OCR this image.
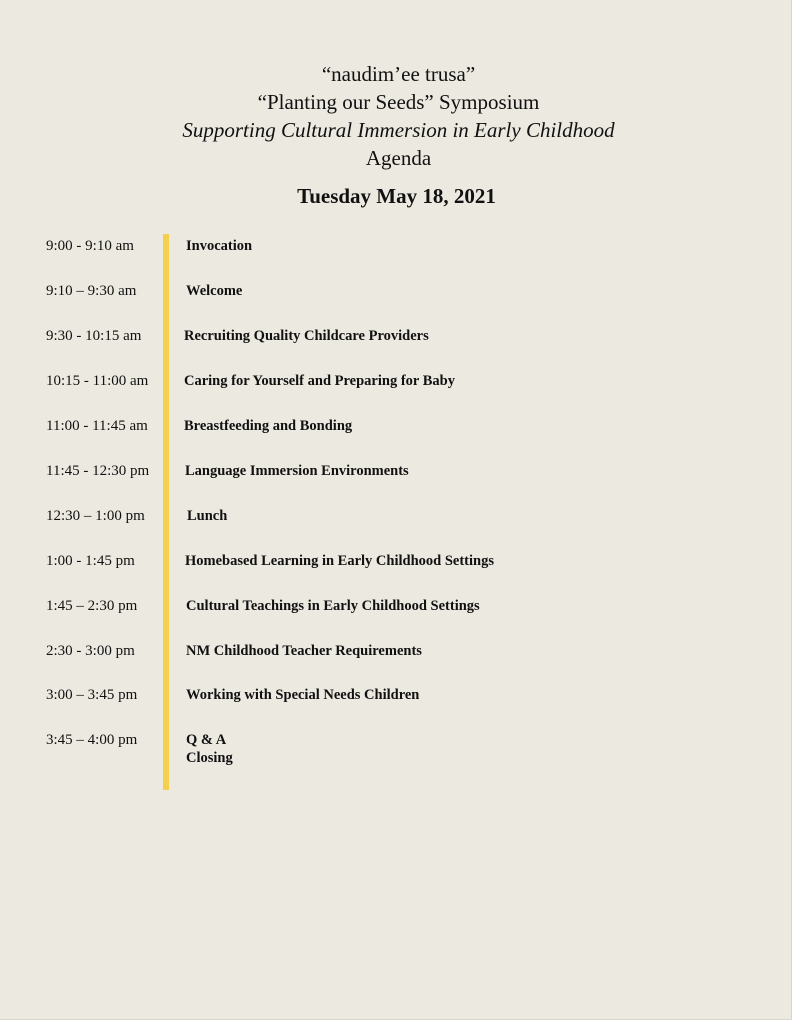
“naudim’ee trusa”
“Planting our Seeds” Symposium
Supporting Cultural Immersion in Early Childhood
Agenda
Tuesday May 18, 2021
9:00 - 9:10 am	Invocation
9:10 – 9:30 am	Welcome
9:30 - 10:15 am	Recruiting Quality Childcare Providers
10:15 - 11:00 am Caring for Yourself and Preparing for Baby
11:00 - 11:45 am Breastfeeding and Bonding
11:45 - 12:30 pm Language Immersion Environments
12:30 – 1:00 pm	Lunch
1:00 - 1:45 pm	Homebased Learning in Early Childhood Settings
1:45 – 2:30 pm	Cultural Teachings in Early Childhood Settings
2:30 - 3:00 pm	NM Childhood Teacher Requirements
3:00 – 3:45 pm	Working with Special Needs Children
3:45 – 4:00 pm	Q & A
Closing
